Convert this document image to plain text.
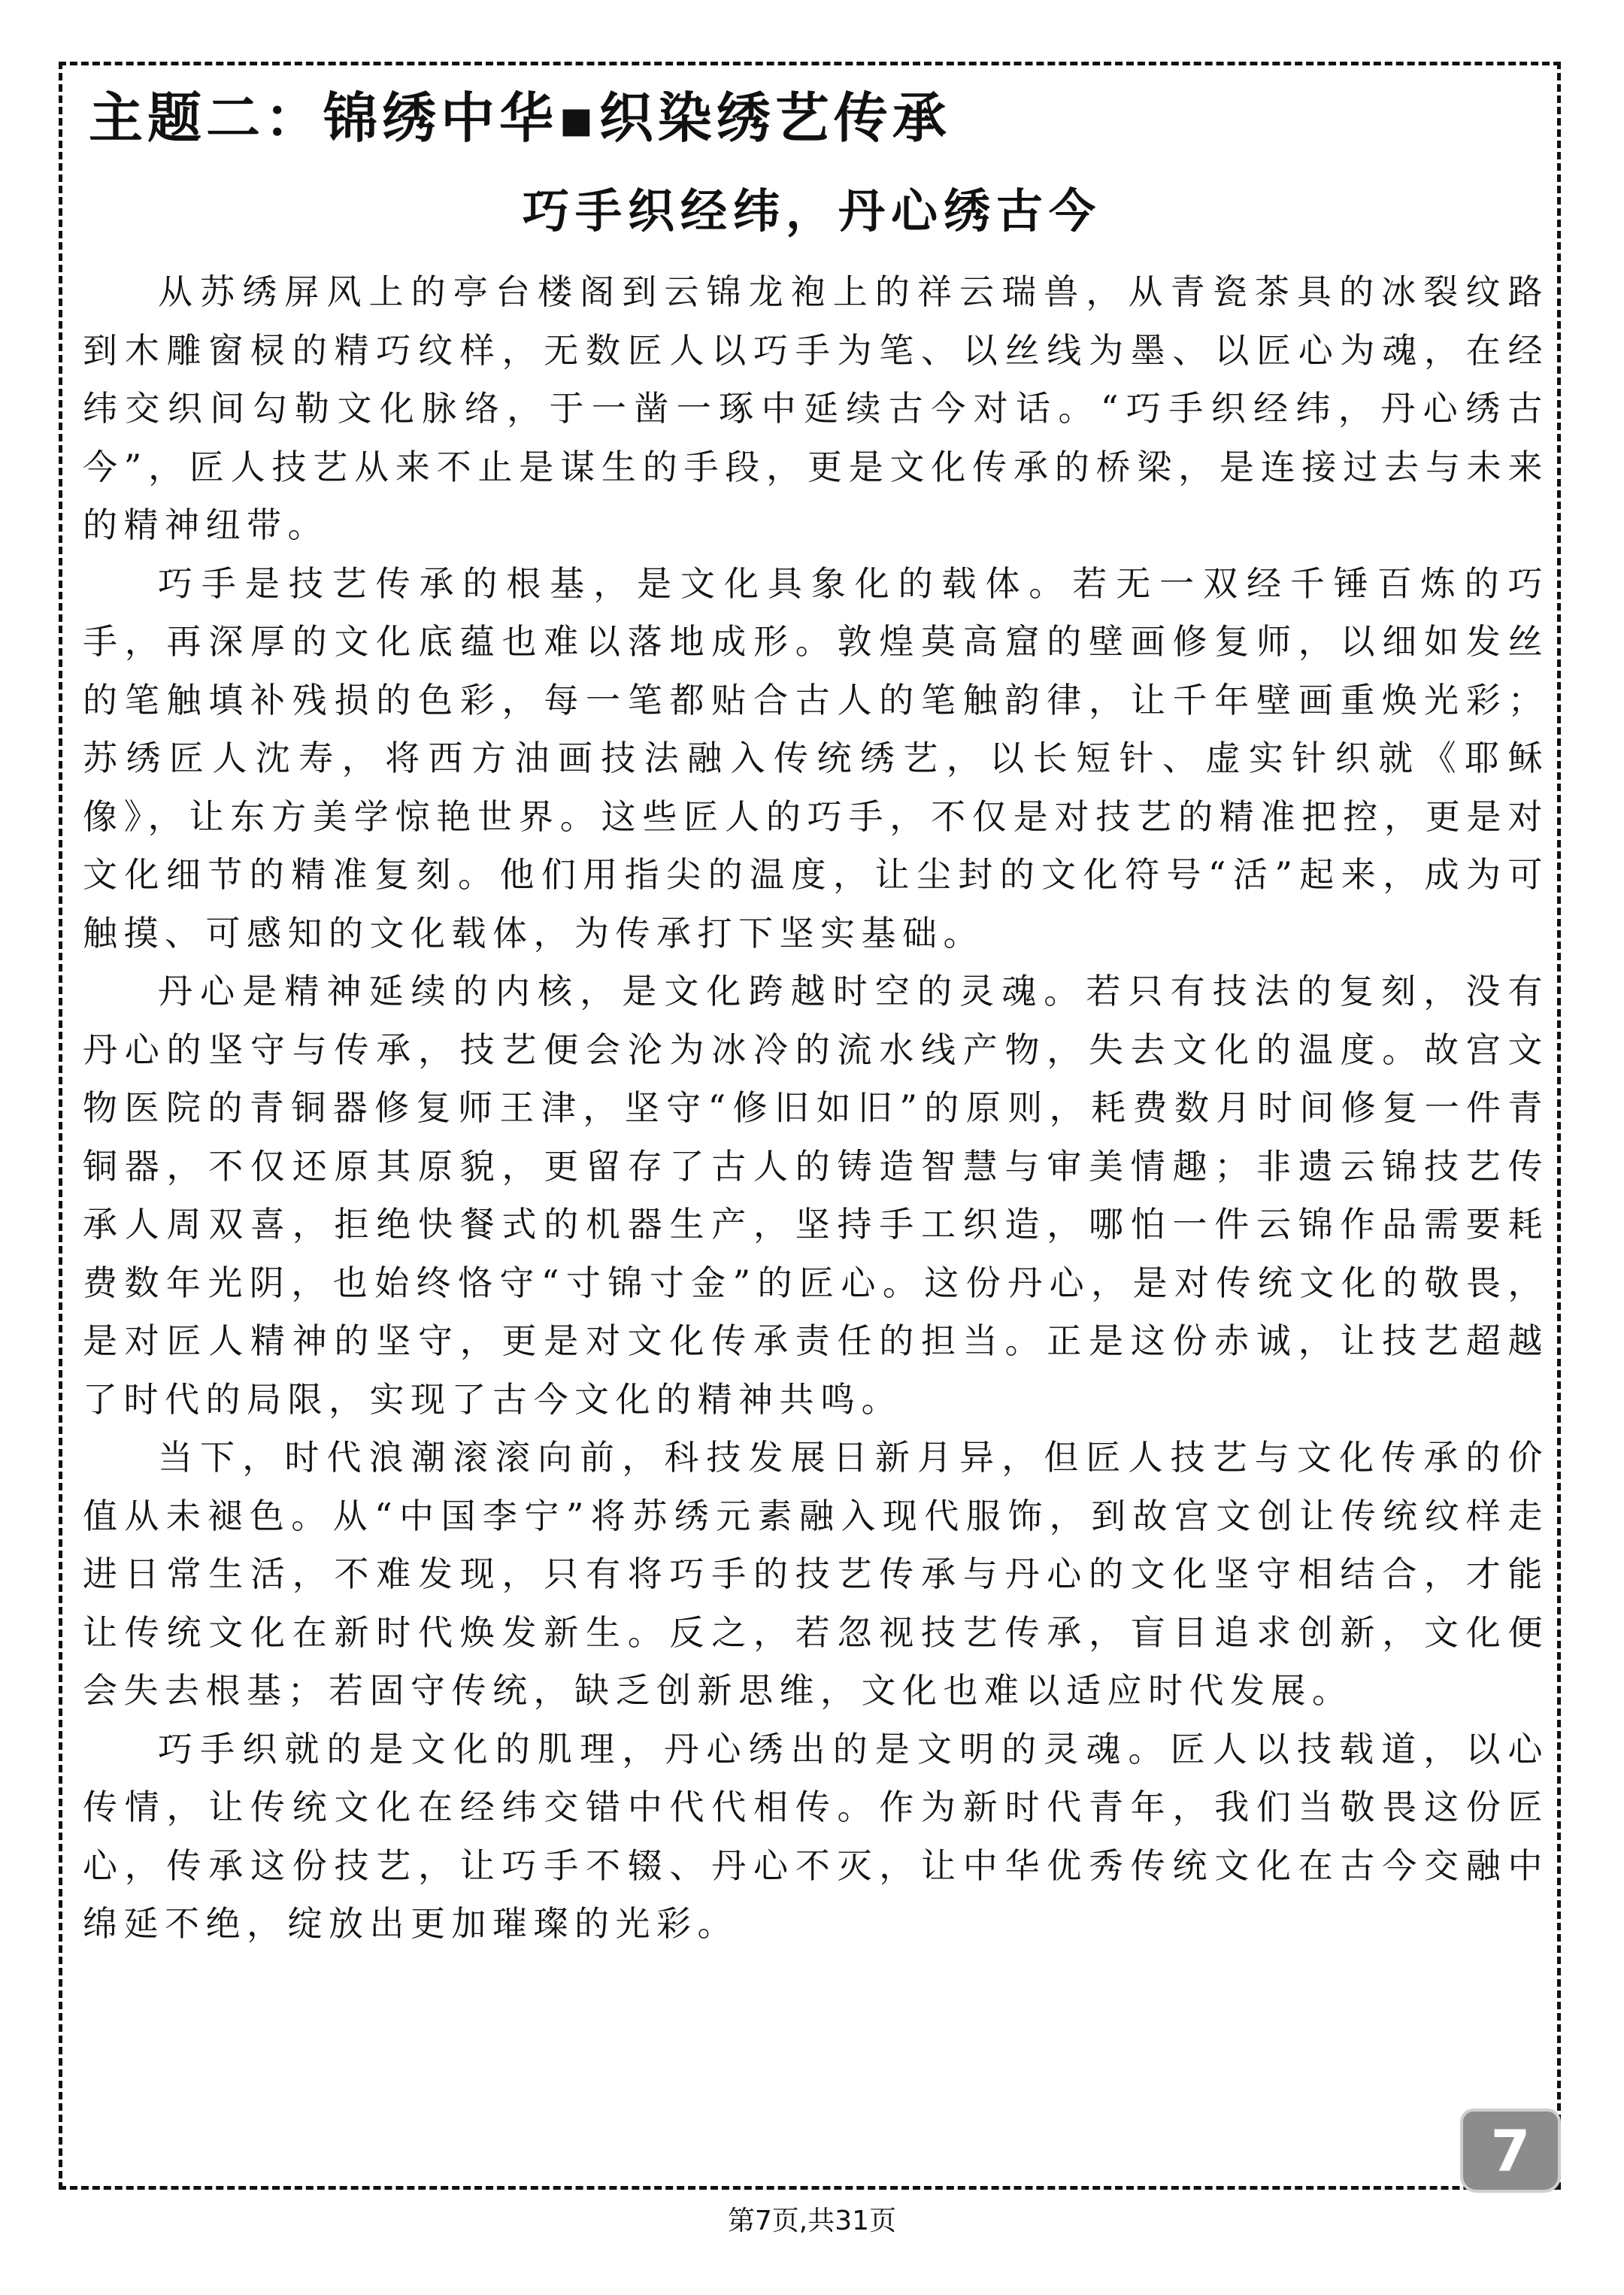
主题二：锦绣中华▪织染绣艺传承
巧手织经纬，丹心绣古今

从苏绣屏风上的亭台楼阁到云锦龙袍上的祥云瑞兽，从青瓷茶具的冰裂纹路到木雕窗棂的精巧纹样，无数匠人以巧手为笔、以丝线为墨、以匠心为魂，在经纬交织间勾勒文化脉络，于一凿一琢中延续古今对话。“巧手织经纬，丹心绣古今”，匠人技艺从来不止是谋生的手段，更是文化传承的桥梁，是连接过去与未来的精神纽带。

巧手是技艺传承的根基，是文化具象化的载体。若无一双经千锤百炼的巧手，再深厚的文化底蕴也难以落地成形。敦煌莫高窟的壁画修复师，以细如发丝的笔触填补残损的色彩，每一笔都贴合古人的笔触韵律，让千年壁画重焕光彩；苏绣匠人沈寿，将西方油画技法融入传统绣艺，以长短针、虚实针织就《耶稣像》，让东方美学惊艳世界。这些匠人的巧手，不仅是对技艺的精准把控，更是对文化细节的精准复刻。他们用指尖的温度，让尘封的文化符号“活”起来，成为可触摸、可感知的文化载体，为传承打下坚实基础。

丹心是精神延续的内核，是文化跨越时空的灵魂。若只有技法的复刻，没有丹心的坚守与传承，技艺便会沦为冰冷的流水线产物，失去文化的温度。故宫文物医院的青铜器修复师王津，坚守“修旧如旧”的原则，耗费数月时间修复一件青铜器，不仅还原其原貌，更留存了古人的铸造智慧与审美情趣；非遗云锦技艺传承人周双喜，拒绝快餐式的机器生产，坚持手工织造，哪怕一件云锦作品需要耗费数年光阴，也始终恪守“寸锦寸金”的匠心。这份丹心，是对传统文化的敬畏，是对匠人精神的坚守，更是对文化传承责任的担当。正是这份赤诚，让技艺超越了时代的局限，实现了古今文化的精神共鸣。

当下，时代浪潮滚滚向前，科技发展日新月异，但匠人技艺与文化传承的价值从未褪色。从“中国李宁”将苏绣元素融入现代服饰，到故宫文创让传统纹样走进日常生活，不难发现，只有将巧手的技艺传承与丹心的文化坚守相结合，才能让传统文化在新时代焕发新生。反之，若忽视技艺传承，盲目追求创新，文化便会失去根基；若固守传统，缺乏创新思维，文化也难以适应时代发展。

巧手织就的是文化的肌理，丹心绣出的是文明的灵魂。匠人以技载道，以心传情，让传统文化在经纬交错中代代相传。作为新时代青年，我们当敬畏这份匠心，传承这份技艺，让巧手不辍、丹心不灭，让中华优秀传统文化在古今交融中绵延不绝，绽放出更加璀璨的光彩。

7
第7页,共31页
